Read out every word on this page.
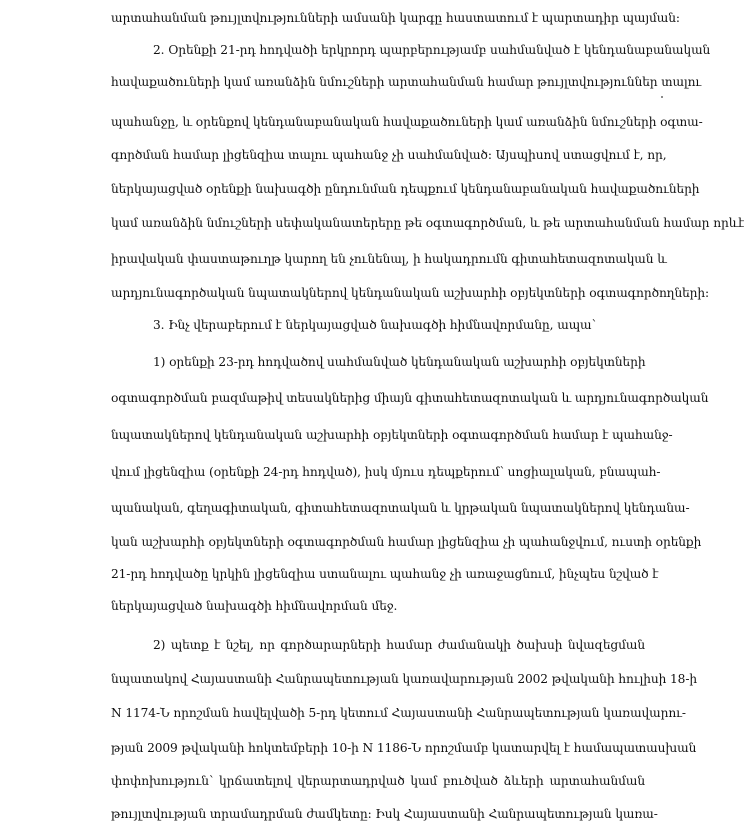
արտահանման թույլտվությունների ամսանի կարգը հաստատում է պարտադիր պայման:
2. Օրենքի 21-րդ հոդվածի երկրորդ պարբերությամբ սահմանված է կենդանաբանական
հավաքածուների կամ առանձին նմուշների արտահանման համար թույլտվություններ տալու
պահանջը, և օրենքով կենդանաբանական հավաքածուների կամ առանձին նմուշների օգտա-
գործման համար լիցենզիա տալու պահանջ չի սահմանված: Այսպիսով ստացվում է, որ,
ներկայացված օրենքի նախագծի ընդունման դեպքում կենդանաբանական հավաքածուների
կամ առանձին նմուշների սեփականատերերը թե օգտագործման, և թե արտահանման համար որևէ
իրավական փաստաթուղթ կարող են չունենալ, ի հակադրումն գիտահետազոտական և
արդյունագործական նպատակներով կենդանական աշխարհի օբյեկտների օգտագործողների:
3. Ինչ վերաբերում է ներկայացված նախագծի հիմնավորմանը, ապա՝
1) օրենքի 23-րդ հոդվածով սահմանված կենդանական աշխարհի օբյեկտների
օգտագործման բազմաթիվ տեսակներից միայն գիտահետազոտական և արդյունագործական
նպատակներով կենդանական աշխարհի օբյեկտների օգտագործման համար է պահանջ-
վում լիցենզիա (օրենքի 24-րդ հոդված), իսկ մյուս դեպքերում՝ սոցիալական, բնապահ-
պանական, գեղագիտական, գիտահետազոտական և կրթական նպատակներով կենդանա-
կան աշխարհի օբյեկտների օգտագործման համար լիցենզիա չի պահանջվում, ուստի օրենքի
21-րդ հոդվածը կրկին լիցենզիա ստանալու պահանջ չի առաջացնում, ինչպես նշված է
ներկայացված նախագծի հիմնավորման մեջ.
2) պետք է նշել, որ գործարարների համար ժամանակի ծախսի նվազեցման
նպատակով Հայաստանի Հանրապետության կառավարության 2002 թվականի հուլիսի 18-ի
N 1174-Ն որոշման հավելվածի 5-րդ կետում Հայաստանի Հանրապետության կառավարու-
թյան 2009 թվականի հոկտեմբերի 10-ի N 1186-Ն որոշմամբ կատարվել է համապատասխան
փոփոխություն՝ կրճատելով վերարտադրված կամ բուծված ձևերի արտահանման
թույլտվության տրամադրման ժամկետը: Իսկ Հայաստանի Հանրապետության կառա-
